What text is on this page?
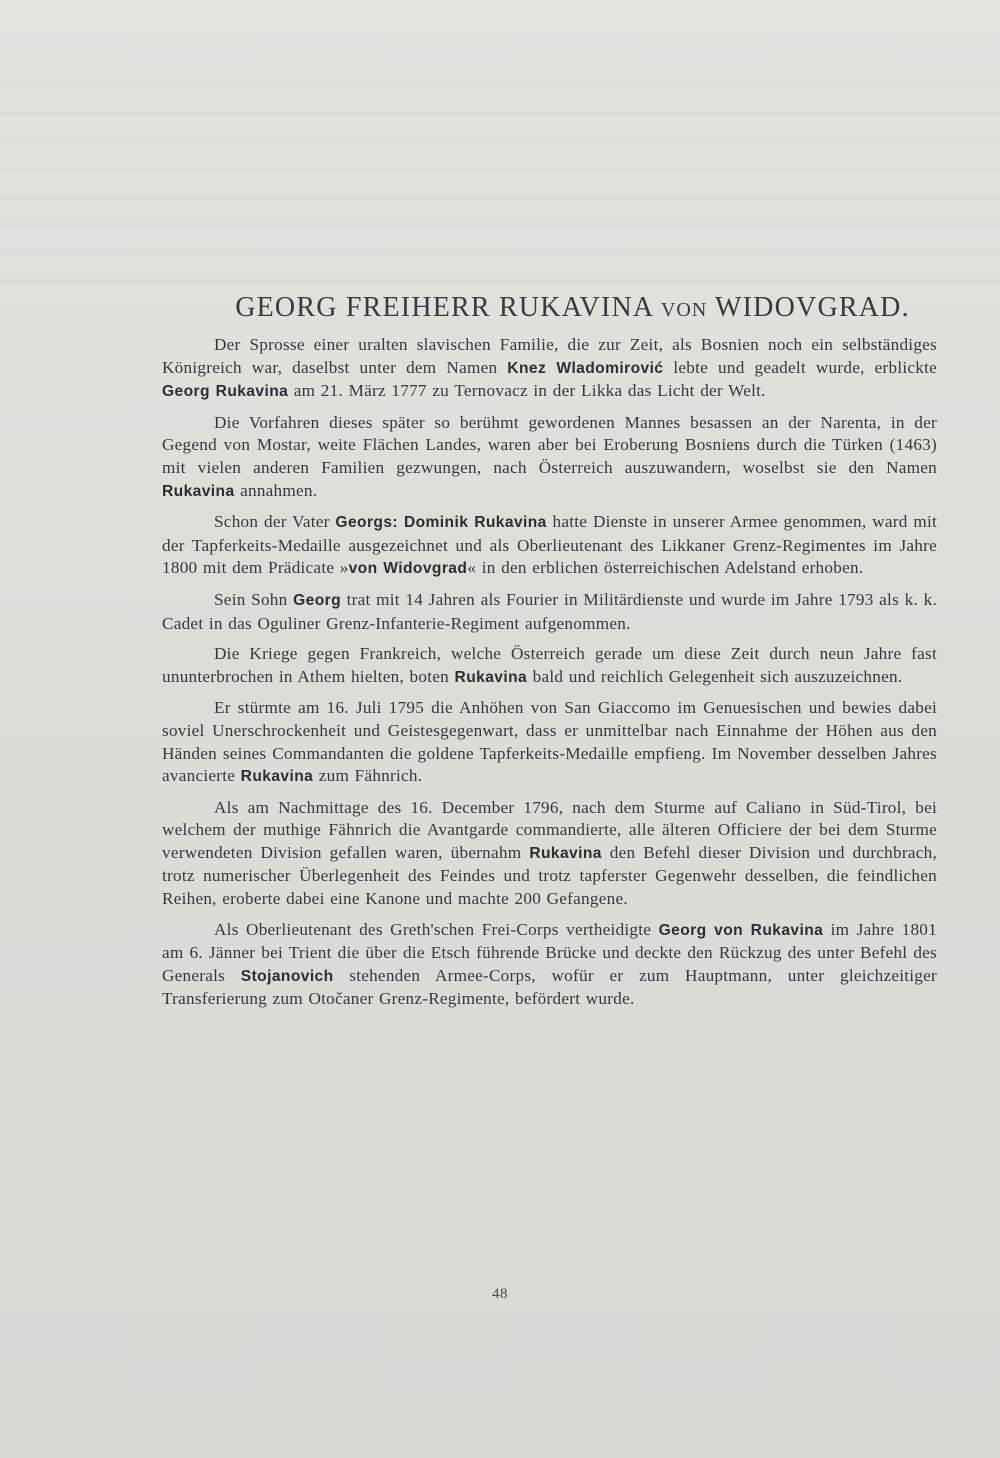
GEORG FREIHERR RUKAVINA VON WIDOVGRAD.

Der Sprosse einer uralten slavischen Familie, die zur Zeit, als Bosnien noch ein selbständiges Königreich war, daselbst unter dem Namen Knez Wladomirović lebte und geadelt wurde, erblickte Georg Rukavina am 21. März 1777 zu Ternovacz in der Likka das Licht der Welt.

Die Vorfahren dieses später so berühmt gewordenen Mannes besassen an der Narenta, in der Gegend von Mostar, weite Flächen Landes, waren aber bei Eroberung Bosniens durch die Türken (1463) mit vielen anderen Familien gezwungen, nach Österreich auszuwandern, woselbst sie den Namen Rukavina annahmen.

Schon der Vater Georgs: Dominik Rukavina hatte Dienste in unserer Armee genommen, ward mit der Tapferkeits-Medaille ausgezeichnet und als Oberlieutenant des Likkaner Grenz-Regimentes im Jahre 1800 mit dem Prädicate »von Widovgrad« in den erblichen österreichischen Adelstand erhoben.

Sein Sohn Georg trat mit 14 Jahren als Fourier in Militärdienste und wurde im Jahre 1793 als k. k. Cadet in das Oguliner Grenz-Infanterie-Regiment aufgenommen.

Die Kriege gegen Frankreich, welche Österreich gerade um diese Zeit durch neun Jahre fast ununterbrochen in Athem hielten, boten Rukavina bald und reichlich Gelegenheit sich auszuzeichnen.

Er stürmte am 16. Juli 1795 die Anhöhen von San Giaccomo im Genuesischen und bewies dabei soviel Unerschrockenheit und Geistesgegenwart, dass er unmittelbar nach Einnahme der Höhen aus den Händen seines Commandanten die goldene Tapferkeits-Medaille empfieng. Im November desselben Jahres avancierte Rukavina zum Fähnrich.

Als am Nachmittage des 16. December 1796, nach dem Sturme auf Caliano in Süd-Tirol, bei welchem der muthige Fähnrich die Avantgarde commandierte, alle älteren Officiere der bei dem Sturme verwendeten Division gefallen waren, übernahm Rukavina den Befehl dieser Division und durchbrach, trotz numerischer Überlegenheit des Feindes und trotz tapferster Gegenwehr desselben, die feindlichen Reihen, eroberte dabei eine Kanone und machte 200 Gefangene.

Als Oberlieutenant des Greth'schen Frei-Corps vertheidigte Georg von Rukavina im Jahre 1801 am 6. Jänner bei Trient die über die Etsch führende Brücke und deckte den Rückzug des unter Befehl des Generals Stojanovich stehenden Armee-Corps, wofür er zum Hauptmann, unter gleichzeitiger Transferierung zum Otočaner Grenz-Regimente, befördert wurde.

48
